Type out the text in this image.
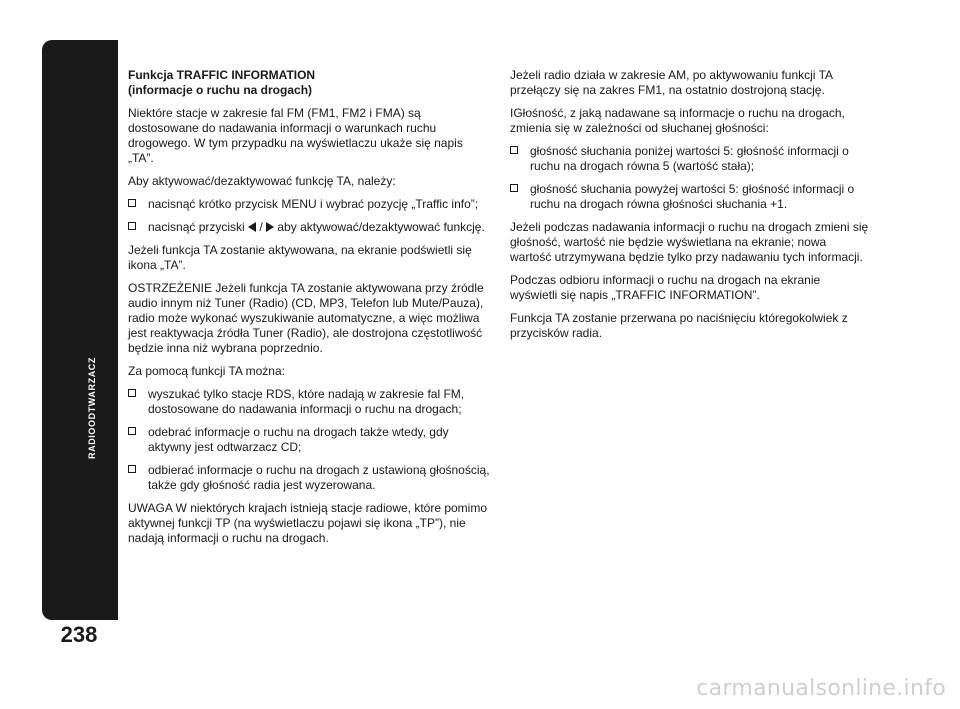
RADIOODTWARZACZ
238
Funkcja TRAFFIC INFORMATION
(informacje o ruchu na drogach)

Niektóre stacje w zakresie fal FM (FM1, FM2 i FMA) są dostosowane do nadawania informacji o warunkach ruchu drogowego. W tym przypadku na wyświetlaczu ukaże się napis „TA”.

Aby aktywować/dezaktywować funkcję TA, należy:

nacisnąć krótko przycisk MENU i wybrać pozycję „Traffic info”;
nacisnąć przyciski  /  aby aktywować/dezaktywować funkcję.

Jeżeli funkcja TA zostanie aktywowana, na ekranie podświetli się ikona „TA”.

OSTRZEŻENIE Jeżeli funkcja TA zostanie aktywowana przy źródle audio innym niż Tuner (Radio) (CD, MP3, Telefon lub Mute/Pauza), radio może wykonać wyszukiwanie automatyczne, a więc możliwa jest reaktywacja źródła Tuner (Radio), ale dostrojona częstotliwość będzie inna niż wybrana poprzednio.

Za pomocą funkcji TA można:

wyszukać tylko stacje RDS, które nadają w zakresie fal FM, dostosowane do nadawania informacji o ruchu na drogach;
odebrać informacje o ruchu na drogach także wtedy, gdy aktywny jest odtwarzacz CD;
odbierać informacje o ruchu na drogach z ustawioną głośnością, także gdy głośność radia jest wyzerowana.

UWAGA W niektórych krajach istnieją stacje radiowe, które pomimo aktywnej funkcji TP (na wyświetlaczu pojawi się ikona „TP”), nie nadają informacji o ruchu na drogach.

Jeżeli radio działa w zakresie AM, po aktywowaniu funkcji TA przełączy się na zakres FM1, na ostatnio dostrojoną stację.

IGłośność, z jaką nadawane są informacje o ruchu na drogach, zmienia się w zależności od słuchanej głośności:

głośność słuchania poniżej wartości 5: głośność informacji o ruchu na drogach równa 5 (wartość stała);
głośność słuchania powyżej wartości 5: głośność informacji o ruchu na drogach równa głośności słuchania +1.

Jeżeli podczas nadawania informacji o ruchu na drogach zmieni się głośność, wartość nie będzie wyświetlana na ekranie; nowa wartość utrzymywana będzie tylko przy nadawaniu tych informacji.

Podczas odbioru informacji o ruchu na drogach na ekranie wyświetli się napis „TRAFFIC INFORMATION”.

Funkcja TA zostanie przerwana po naciśnięciu któregokolwiek z przycisków radia.

carmanualsonline.info
